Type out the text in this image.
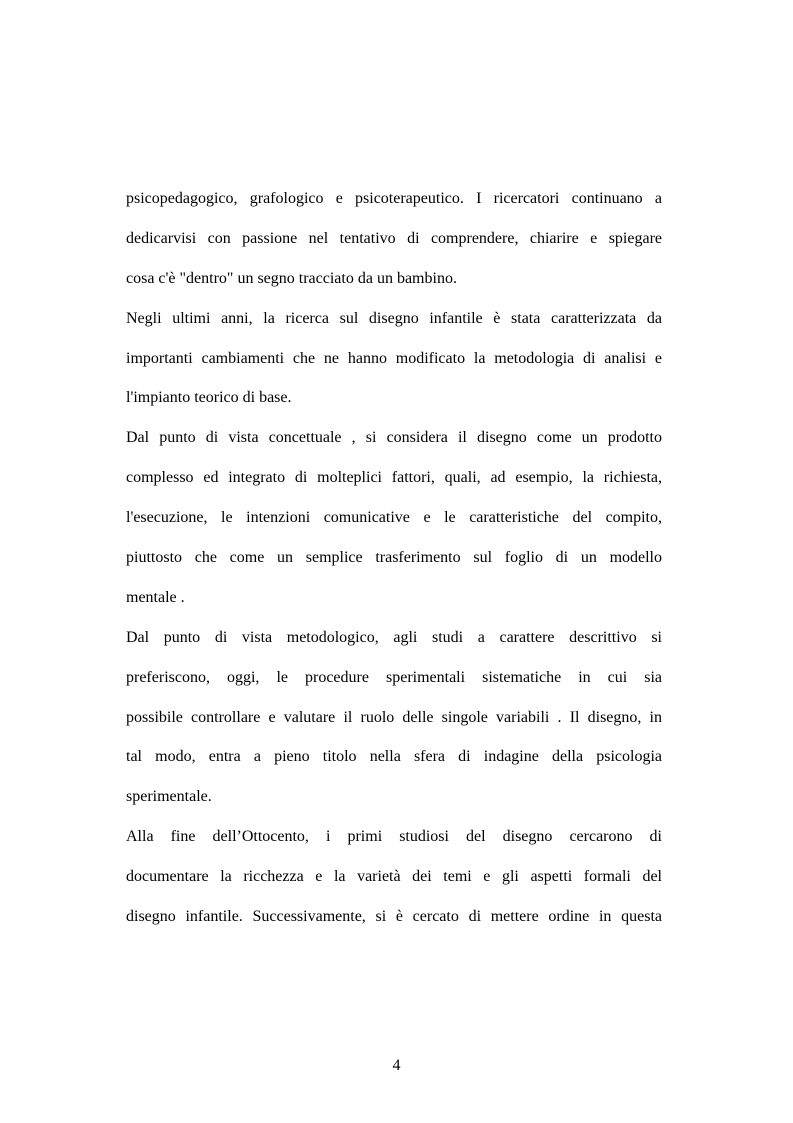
psicopedagogico, grafologico e psicoterapeutico. I ricercatori continuano a
dedicarvisi con passione nel tentativo di comprendere, chiarire e spiegare
cosa c'è "dentro" un segno tracciato da un bambino.
Negli ultimi anni, la ricerca sul disegno infantile è stata caratterizzata da
importanti cambiamenti che ne hanno modificato la metodologia di analisi e
l'impianto teorico di base.
Dal punto di vista concettuale , si considera il disegno come un prodotto
complesso ed integrato di molteplici fattori, quali, ad esempio, la richiesta,
l'esecuzione, le intenzioni comunicative e le caratteristiche del compito,
piuttosto che come un semplice trasferimento sul foglio di un modello
mentale .
Dal punto di vista metodologico, agli studi a carattere descrittivo si
preferiscono, oggi, le procedure sperimentali sistematiche in cui sia
possibile controllare e valutare il ruolo delle singole variabili . Il disegno, in
tal modo, entra a pieno titolo nella sfera di indagine della psicologia
sperimentale.
Alla fine dell’Ottocento, i primi studiosi del disegno cercarono di
documentare la ricchezza e la varietà dei temi e gli aspetti formali del
disegno infantile. Successivamente, si è cercato di mettere ordine in questa
4
